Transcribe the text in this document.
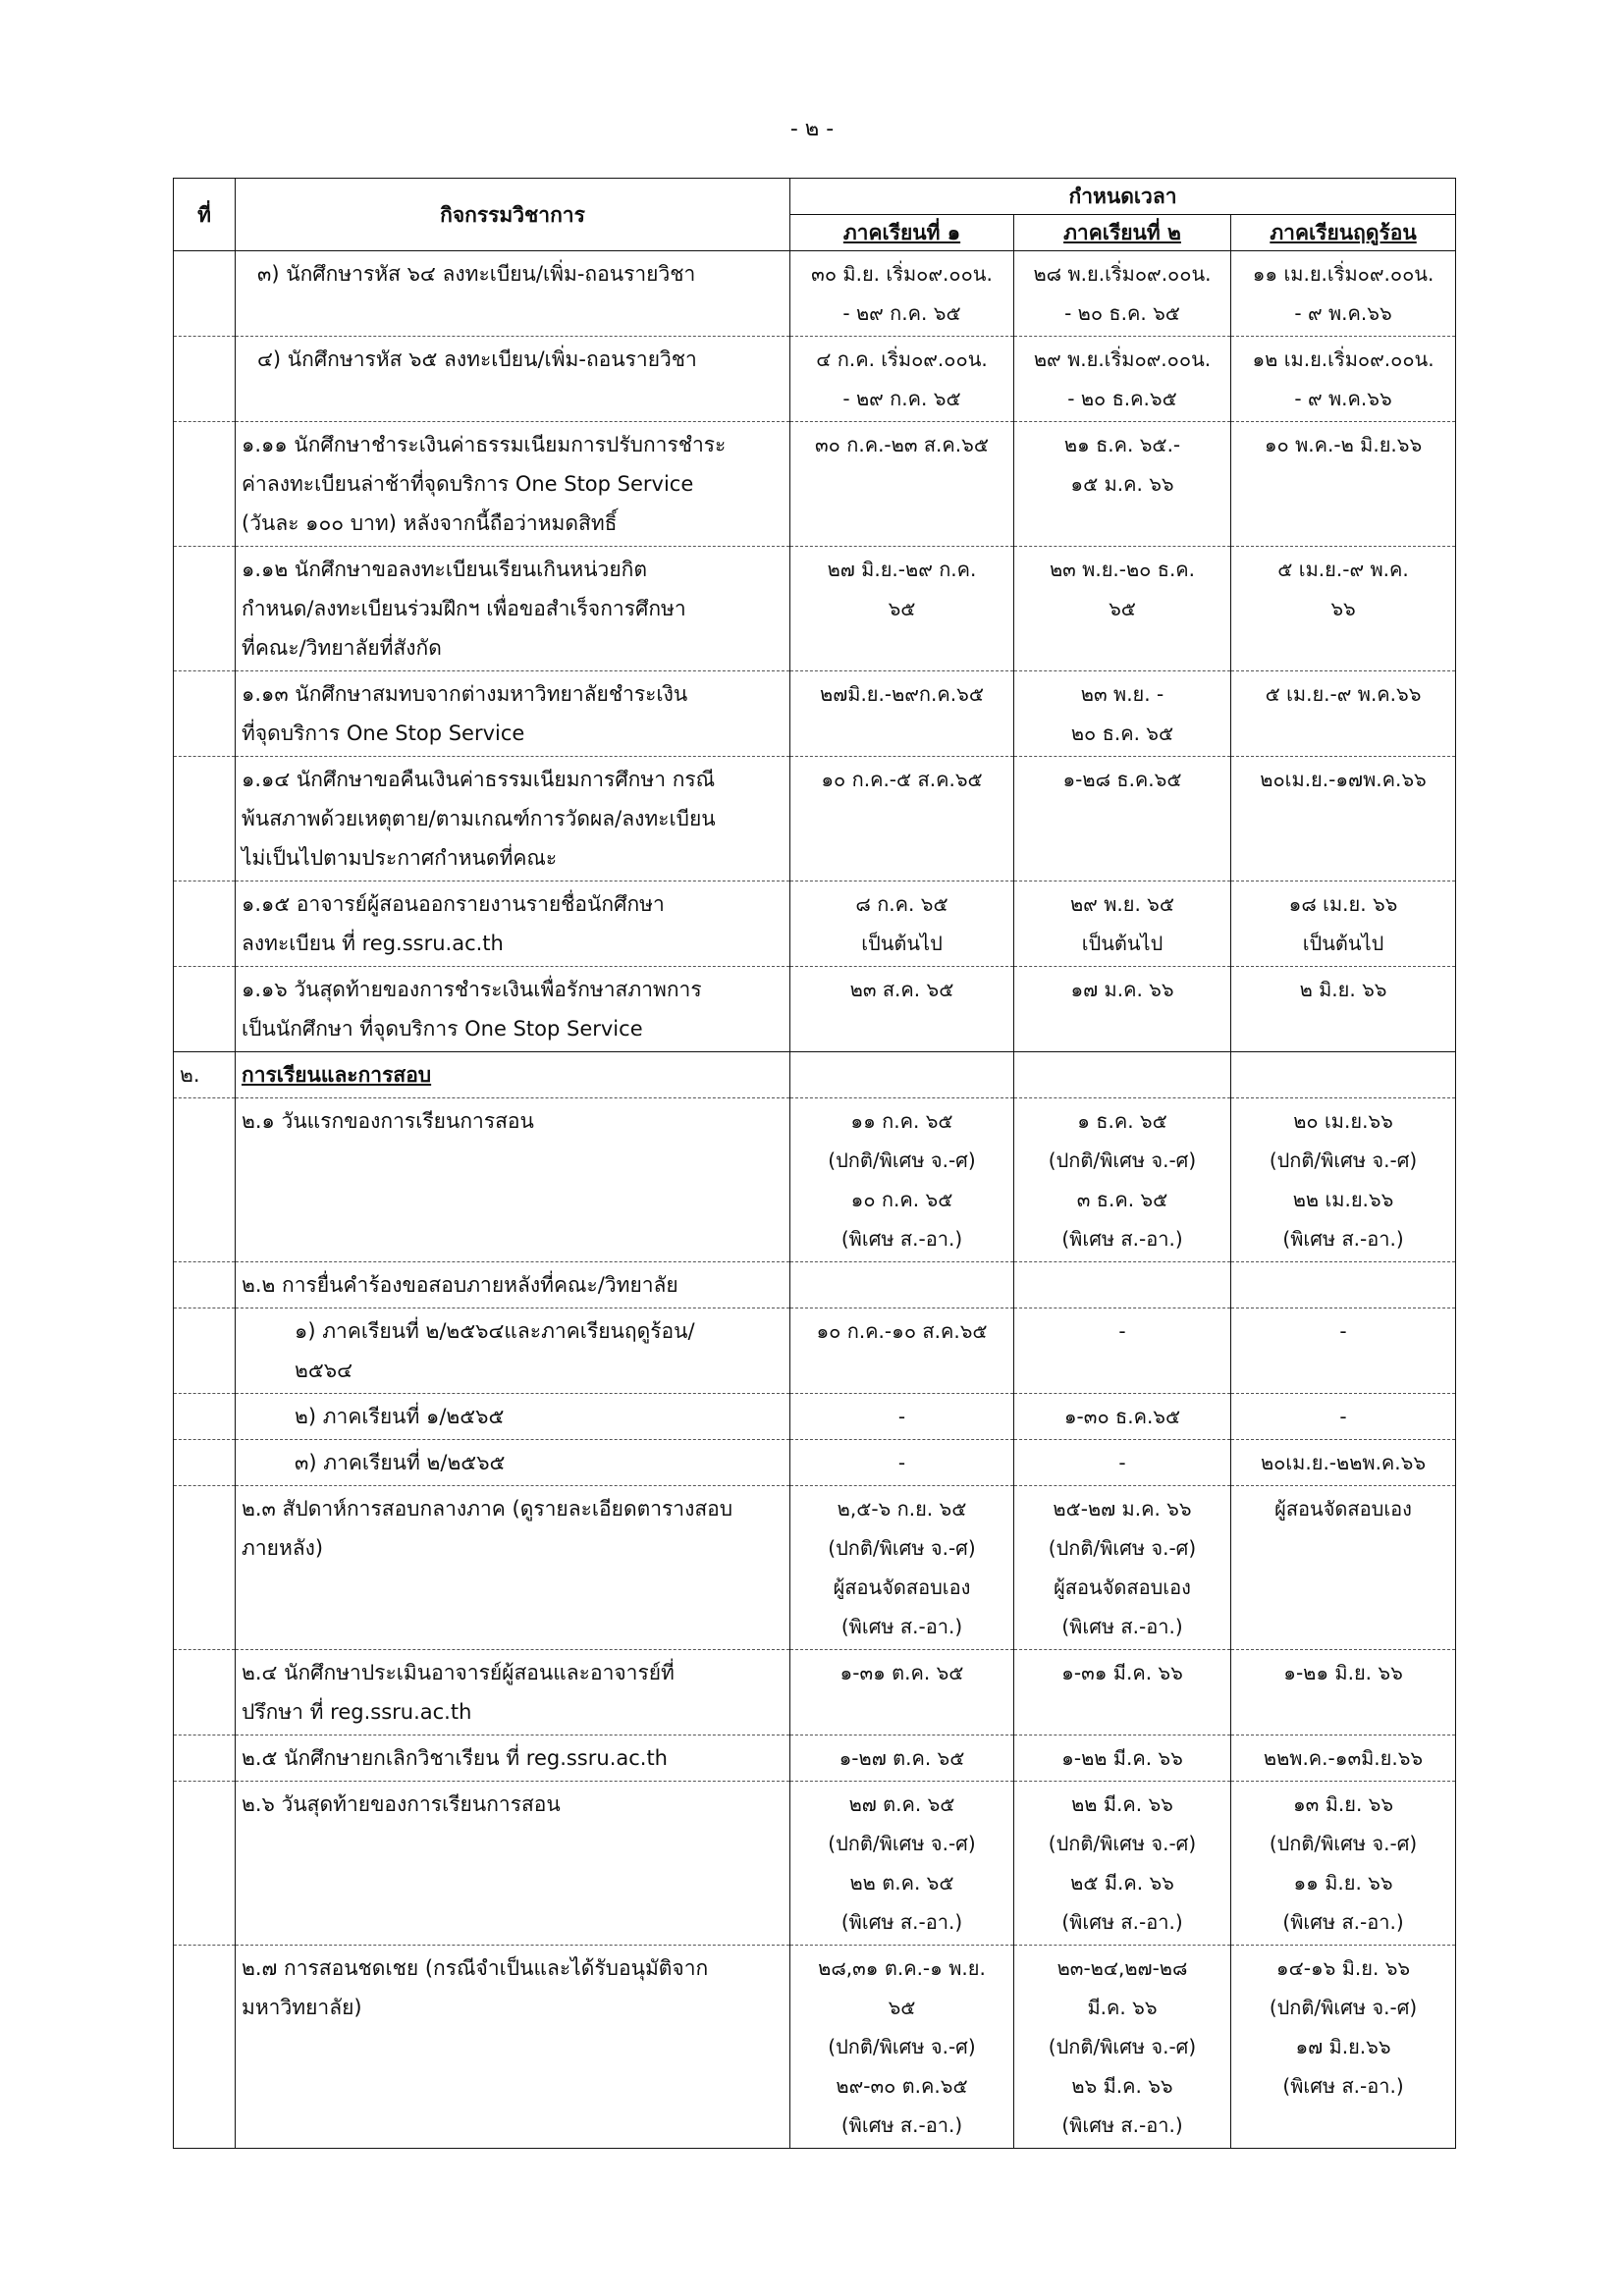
- ๒ -
ที่	กิจกรรมวิชาการ	กำหนดเวลา		
		ภาคเรียนที่ ๑	ภาคเรียนที่ ๒	ภาคเรียนฤดูร้อน

	๓) นักศึกษารหัส ๖๔ ลงทะเบียน/เพิ่ม-ถอนรายวิชา	๓๐ มิ.ย. เริ่ม๐๙.๐๐น.
- ๒๙ ก.ค. ๖๕	๒๘ พ.ย.เริ่ม๐๙.๐๐น.
- ๒๐ ธ.ค. ๖๕	๑๑ เม.ย.เริ่ม๐๙.๐๐น.
- ๙ พ.ค.๖๖

	๔) นักศึกษารหัส ๖๕ ลงทะเบียน/เพิ่ม-ถอนรายวิชา	๔ ก.ค. เริ่ม๐๙.๐๐น.
- ๒๙ ก.ค. ๖๕	๒๙ พ.ย.เริ่ม๐๙.๐๐น.
- ๒๐ ธ.ค.๖๕	๑๒ เม.ย.เริ่ม๐๙.๐๐น.
- ๙ พ.ค.๖๖

	๑.๑๑ นักศึกษาชำระเงินค่าธรรมเนียมการปรับการชำระ
ค่าลงทะเบียนล่าช้าที่จุดบริการ One Stop Service
(วันละ ๑๐๐ บาท) หลังจากนี้ถือว่าหมดสิทธิ์	๓๐ ก.ค.-๒๓ ส.ค.๖๕	๒๑ ธ.ค. ๖๕.-
๑๕ ม.ค. ๖๖	๑๐ พ.ค.-๒ มิ.ย.๖๖

	๑.๑๒ นักศึกษาขอลงทะเบียนเรียนเกินหน่วยกิต
กำหนด/ลงทะเบียนร่วมฝึกฯ เพื่อขอสำเร็จการศึกษา
ที่คณะ/วิทยาลัยที่สังกัด	๒๗ มิ.ย.-๒๙ ก.ค.
๖๕	๒๓ พ.ย.-๒๐ ธ.ค.
๖๕	๕ เม.ย.-๙ พ.ค.
๖๖

	๑.๑๓ นักศึกษาสมทบจากต่างมหาวิทยาลัยชำระเงิน
ที่จุดบริการ One Stop Service	๒๗มิ.ย.-๒๙ก.ค.๖๕	๒๓ พ.ย. -
๒๐ ธ.ค. ๖๕	๕ เม.ย.-๙ พ.ค.๖๖

	๑.๑๔ นักศึกษาขอคืนเงินค่าธรรมเนียมการศึกษา กรณี
พ้นสภาพด้วยเหตุตาย/ตามเกณฑ์การวัดผล/ลงทะเบียน
ไม่เป็นไปตามประกาศกำหนดที่คณะ	๑๐ ก.ค.-๕ ส.ค.๖๕	๑-๒๘ ธ.ค.๖๕	๒๐เม.ย.-๑๗พ.ค.๖๖

	๑.๑๕ อาจารย์ผู้สอนออกรายงานรายชื่อนักศึกษา
ลงทะเบียน ที่ reg.ssru.ac.th	๘ ก.ค. ๖๕
เป็นต้นไป	๒๙ พ.ย. ๖๕
เป็นต้นไป	๑๘ เม.ย. ๖๖
เป็นต้นไป

	๑.๑๖ วันสุดท้ายของการชำระเงินเพื่อรักษาสภาพการ
เป็นนักศึกษา ที่จุดบริการ One Stop Service	๒๓ ส.ค. ๖๕	๑๗ ม.ค. ๖๖	๒ มิ.ย. ๖๖

๒.	การเรียนและการสอบ			

	๒.๑ วันแรกของการเรียนการสอน	๑๑ ก.ค. ๖๕
(ปกติ/พิเศษ จ.-ศ)
๑๐ ก.ค. ๖๕
(พิเศษ ส.-อา.)	๑ ธ.ค. ๖๕
(ปกติ/พิเศษ จ.-ศ)
๓ ธ.ค. ๖๕
(พิเศษ ส.-อา.)	๒๐ เม.ย.๖๖
(ปกติ/พิเศษ จ.-ศ)
๒๒ เม.ย.๖๖
(พิเศษ ส.-อา.)

	๒.๒ การยื่นคำร้องขอสอบภายหลังที่คณะ/วิทยาลัย			

	๑) ภาคเรียนที่ ๒/๒๕๖๔และภาคเรียนฤดูร้อน/
๒๕๖๔	๑๐ ก.ค.-๑๐ ส.ค.๖๕	-	-

	๒) ภาคเรียนที่ ๑/๒๕๖๕	-	๑-๓๐ ธ.ค.๖๕	-

	๓) ภาคเรียนที่ ๒/๒๕๖๕	-	-	๒๐เม.ย.-๒๒พ.ค.๖๖

	๒.๓ สัปดาห์การสอบกลางภาค (ดูรายละเอียดตารางสอบ
ภายหลัง)	๒,๕-๖ ก.ย. ๖๕
(ปกติ/พิเศษ จ.-ศ)
ผู้สอนจัดสอบเอง
(พิเศษ ส.-อา.)	๒๕-๒๗ ม.ค. ๖๖
(ปกติ/พิเศษ จ.-ศ)
ผู้สอนจัดสอบเอง
(พิเศษ ส.-อา.)	ผู้สอนจัดสอบเอง

	๒.๔ นักศึกษาประเมินอาจารย์ผู้สอนและอาจารย์ที่
ปรึกษา ที่ reg.ssru.ac.th	๑-๓๑ ต.ค. ๖๕	๑-๓๑ มี.ค. ๖๖	๑-๒๑ มิ.ย. ๖๖

	๒.๕ นักศึกษายกเลิกวิชาเรียน ที่ reg.ssru.ac.th	๑-๒๗ ต.ค. ๖๕	๑-๒๒ มี.ค. ๖๖	๒๒พ.ค.-๑๓มิ.ย.๖๖

	๒.๖ วันสุดท้ายของการเรียนการสอน	๒๗ ต.ค. ๖๕
(ปกติ/พิเศษ จ.-ศ)
๒๒ ต.ค. ๖๕
(พิเศษ ส.-อา.)	๒๒ มี.ค. ๖๖
(ปกติ/พิเศษ จ.-ศ)
๒๕ มี.ค. ๖๖
(พิเศษ ส.-อา.)	๑๓ มิ.ย. ๖๖
(ปกติ/พิเศษ จ.-ศ)
๑๑ มิ.ย. ๖๖
(พิเศษ ส.-อา.)

	๒.๗ การสอนชดเชย (กรณีจำเป็นและได้รับอนุมัติจาก
มหาวิทยาลัย)	๒๘,๓๑ ต.ค.-๑ พ.ย.
๖๕
(ปกติ/พิเศษ จ.-ศ)
๒๙-๓๐ ต.ค.๖๕
(พิเศษ ส.-อา.)	๒๓-๒๔,๒๗-๒๘
มี.ค. ๖๖
(ปกติ/พิเศษ จ.-ศ)
๒๖ มี.ค. ๖๖
(พิเศษ ส.-อา.)	๑๔-๑๖ มิ.ย. ๖๖
(ปกติ/พิเศษ จ.-ศ)
๑๗ มิ.ย.๖๖
(พิเศษ ส.-อา.)
